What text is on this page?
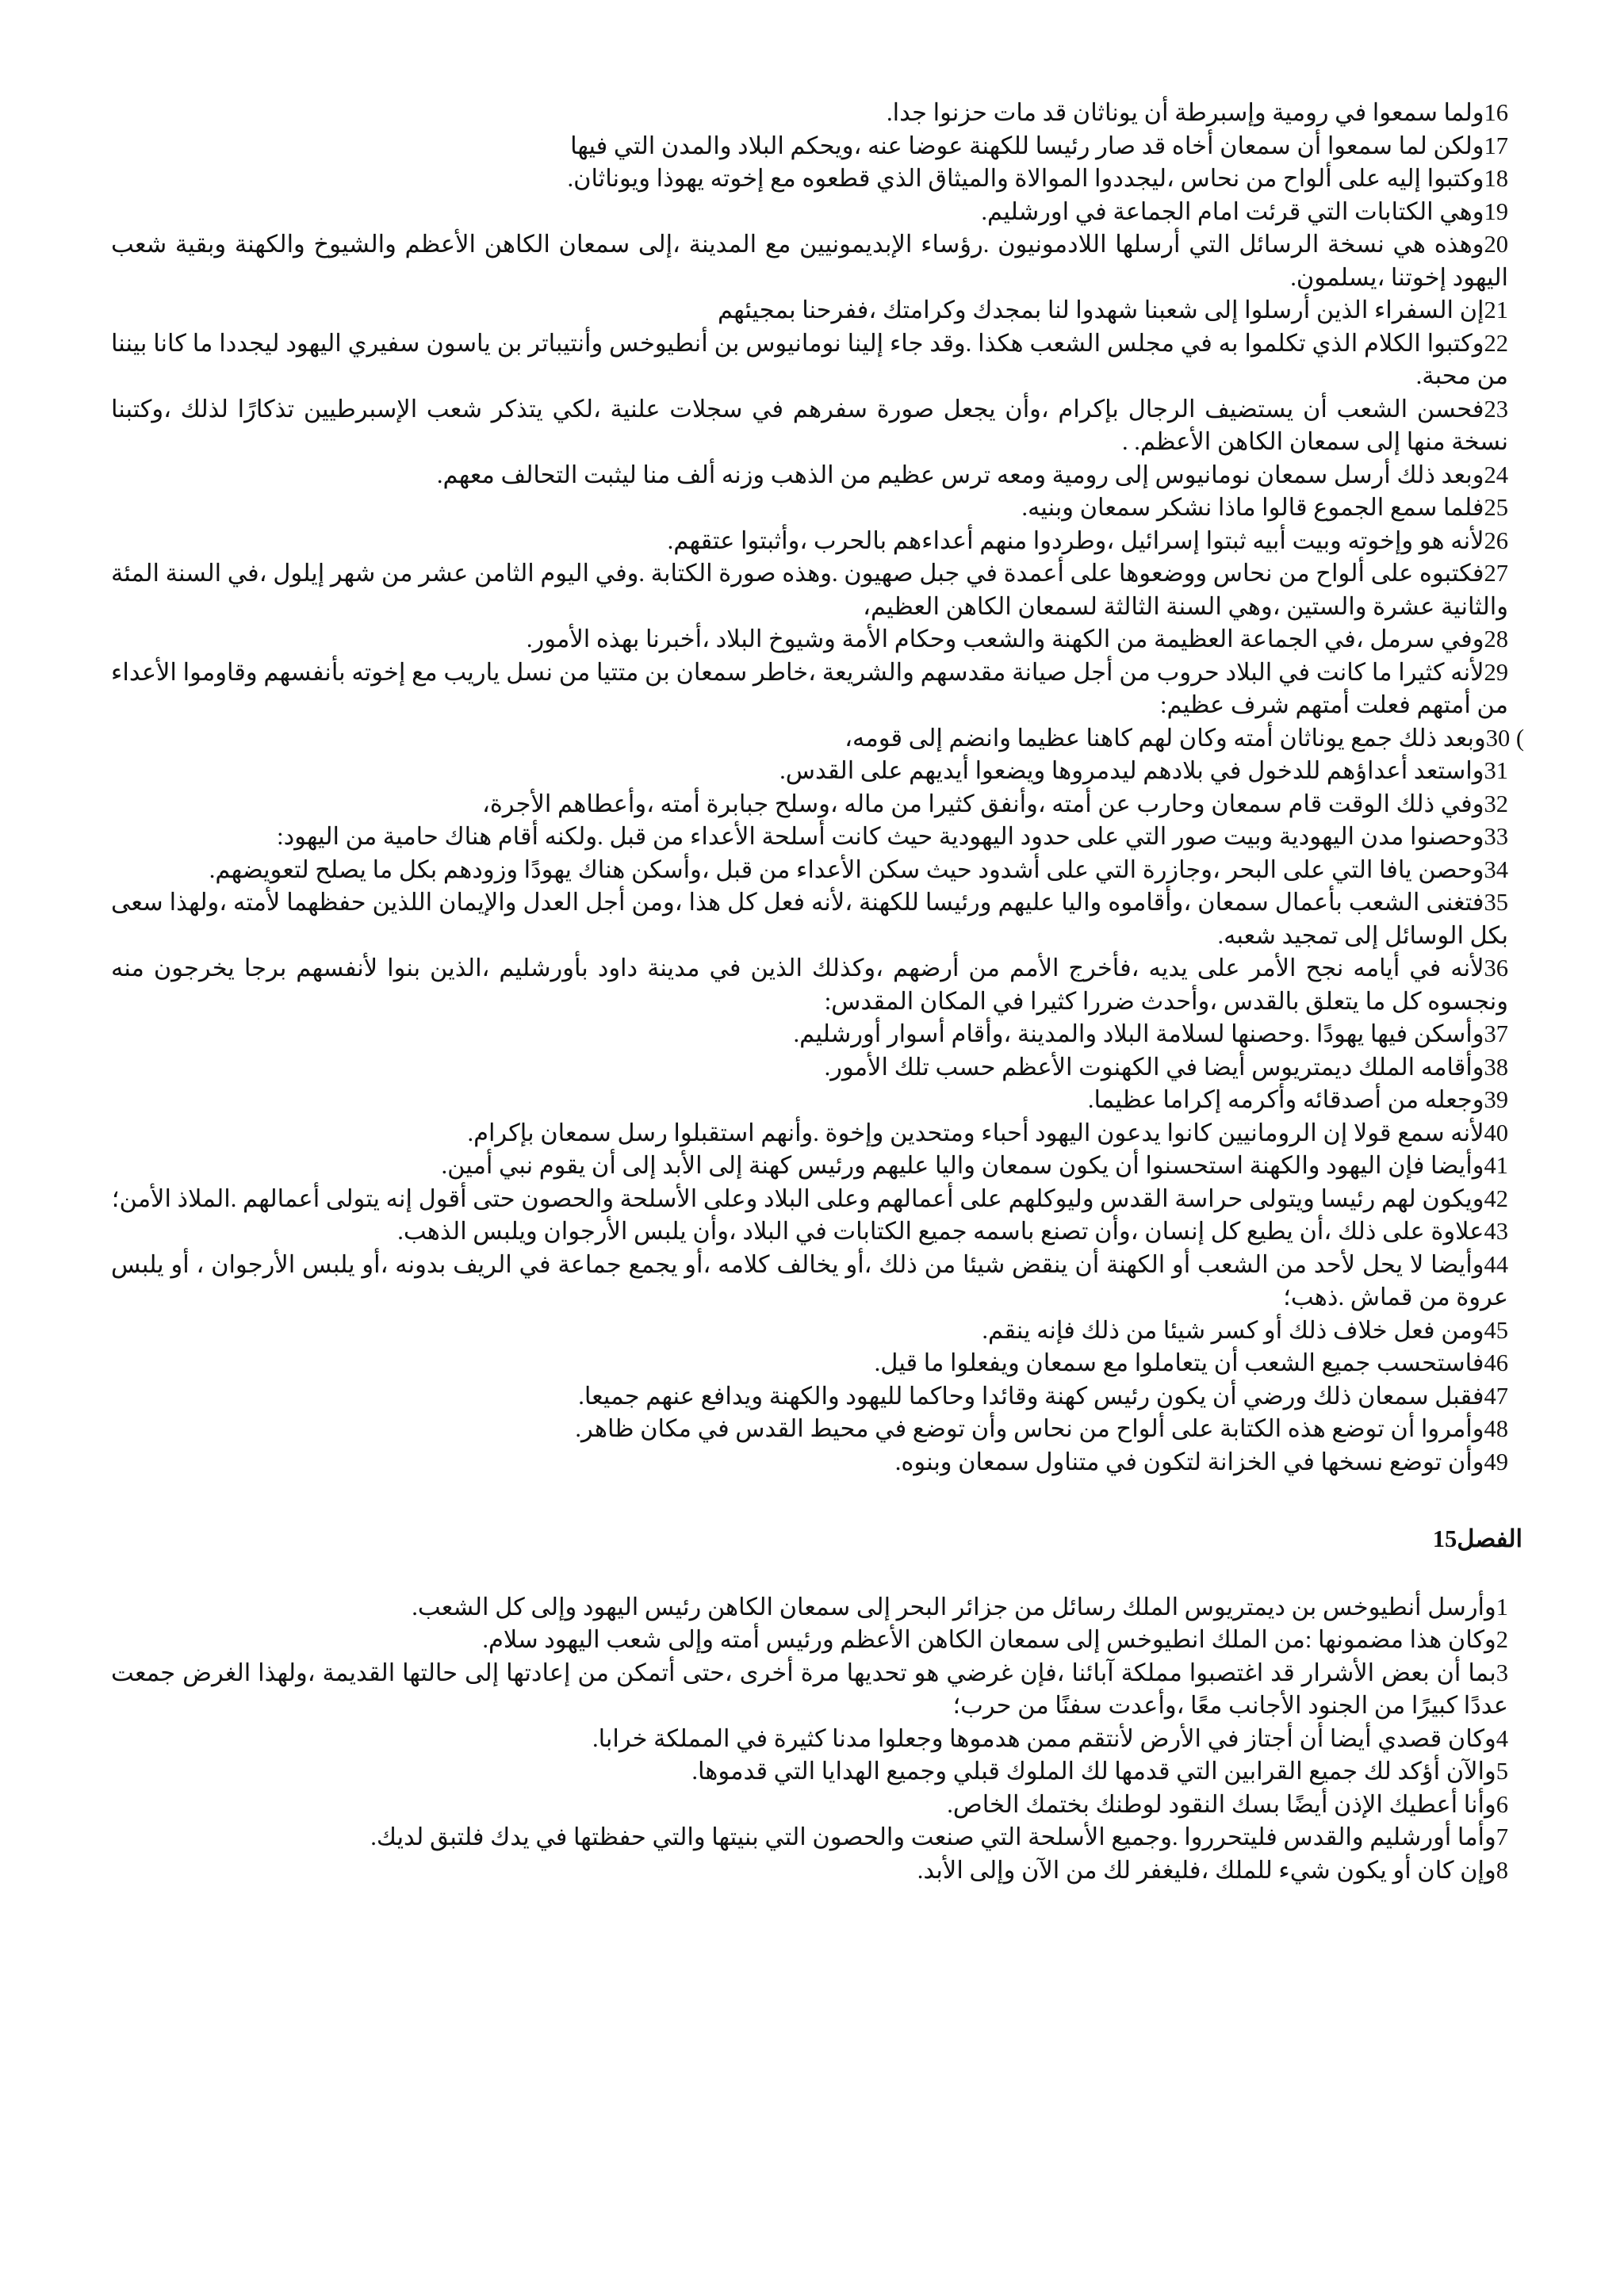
16ولما سمعوا في رومية وإسبرطة أن يوناثان قد مات حزنوا جدا.

17ولكن لما سمعوا أن سمعان أخاه قد صار رئيسا للكهنة عوضا عنه ،ويحكم البلاد والمدن التي فيها

18وكتبوا إليه على ألواح من نحاس ،ليجددوا الموالاة والميثاق الذي قطعوه مع إخوته يهوذا ويوناثان.

19وهي الكتابات التي قرئت امام الجماعة في اورشليم.

20وهذه هي نسخة الرسائل التي أرسلها اللادمونيون .رؤساء الإبديمونيين مع المدينة ،إلى سمعان الكاهن الأعظم والشيوخ والكهنة وبقية شعب اليهود إخوتنا ،يسلمون.

21إن السفراء الذين أرسلوا إلى شعبنا شهدوا لنا بمجدك وكرامتك ،ففرحنا بمجيئهم

22وكتبوا الكلام الذي تكلموا به في مجلس الشعب هكذا .وقد جاء إلينا نومانيوس بن أنطيوخس وأنتيباتر بن ياسون سفيري اليهود ليجددا ما كانا بيننا من محبة.

23فحسن الشعب أن يستضيف الرجال بإكرام ،وأن يجعل صورة سفرهم في سجلات علنية ،لكي يتذكر شعب الإسبرطيين تذكارًا لذلك ،وكتبنا نسخة منها إلى سمعان الكاهن الأعظم. .

24وبعد ذلك أرسل سمعان نومانيوس إلى رومية ومعه ترس عظيم من الذهب وزنه ألف منا ليثبت التحالف معهم.

25فلما سمع الجموع قالوا ماذا نشكر سمعان وبنيه.

26لأنه هو وإخوته وبيت أبيه ثبتوا إسرائيل ،وطردوا منهم أعداءهم بالحرب ،وأثبتوا عتقهم.

27فكتبوه على ألواح من نحاس ووضعوها على أعمدة في جبل صهيون .وهذه صورة الكتابة .وفي اليوم الثامن عشر من شهر إيلول ،في السنة المئة والثانية عشرة والستين ،وهي السنة الثالثة لسمعان الكاهن العظيم،

28وفي سرمل ،في الجماعة العظيمة من الكهنة والشعب وحكام الأمة وشيوخ البلاد ،أخبرنا بهذه الأمور.

29لأنه كثيرا ما كانت في البلاد حروب من أجل صيانة مقدسهم والشريعة ،خاطر سمعان بن متتيا من نسل ياريب مع إخوته بأنفسهم وقاوموا الأعداء من أمتهم فعلت أمتهم شرف عظيم:

) 30وبعد ذلك جمع يوناثان أمته وكان لهم كاهنا عظيما وانضم إلى قومه،

31واستعد أعداؤهم للدخول في بلادهم ليدمروها ويضعوا أيديهم على القدس.

32وفي ذلك الوقت قام سمعان وحارب عن أمته ،وأنفق كثيرا من ماله ،وسلح جبابرة أمته ،وأعطاهم الأجرة،

33وحصنوا مدن اليهودية وبيت صور التي على حدود اليهودية حيث كانت أسلحة الأعداء من قبل .ولكنه أقام هناك حامية من اليهود:

34وحصن يافا التي على البحر ،وجازرة التي على أشدود حيث سكن الأعداء من قبل ،وأسكن هناك يهودًا وزودهم بكل ما يصلح لتعويضهم.

35فتغنى الشعب بأعمال سمعان ،وأقاموه واليا عليهم ورئيسا للكهنة ،لأنه فعل كل هذا ،ومن أجل العدل والإيمان اللذين حفظهما لأمته ،ولهذا سعى بكل الوسائل إلى تمجيد شعبه.

36لأنه في أيامه نجح الأمر على يديه ،فأخرج الأمم من أرضهم ،وكذلك الذين في مدينة داود بأورشليم ،الذين بنوا لأنفسهم برجا يخرجون منه ونجسوه كل ما يتعلق بالقدس ،وأحدث ضررا كثيرا في المكان المقدس:

37وأسكن فيها يهودًا .وحصنها لسلامة البلاد والمدينة ،وأقام أسوار أورشليم.

38وأقامه الملك ديمتريوس أيضا في الكهنوت الأعظم حسب تلك الأمور.

39وجعله من أصدقائه وأكرمه إكراما عظيما.

40لأنه سمع قولا إن الرومانيين كانوا يدعون اليهود أحباء ومتحدين وإخوة .وأنهم استقبلوا رسل سمعان بإكرام.

41وأيضا فإن اليهود والكهنة استحسنوا أن يكون سمعان واليا عليهم ورئيس كهنة إلى الأبد إلى أن يقوم نبي أمين.

42ويكون لهم رئيسا ويتولى حراسة القدس وليوكلهم على أعمالهم وعلى البلاد وعلى الأسلحة والحصون حتى أقول إنه يتولى أعمالهم .الملاذ الأمن؛

43علاوة على ذلك ،أن يطيع كل إنسان ،وأن تصنع باسمه جميع الكتابات في البلاد ،وأن يلبس الأرجوان ويلبس الذهب.

44وأيضا لا يحل لأحد من الشعب أو الكهنة أن ينقض شيئا من ذلك ،أو يخالف كلامه ،أو يجمع جماعة في الريف بدونه ،أو يلبس الأرجوان ، أو يلبس عروة من قماش .ذهب؛

45ومن فعل خلاف ذلك أو كسر شيئا من ذلك فإنه ينقم.

46فاستحسب جميع الشعب أن يتعاملوا مع سمعان ويفعلوا ما قيل.

47فقبل سمعان ذلك ورضي أن يكون رئيس كهنة وقائدا وحاكما لليهود والكهنة ويدافع عنهم جميعا.

48وأمروا أن توضع هذه الكتابة على ألواح من نحاس وأن توضع في محيط القدس في مكان ظاهر.

49وأن توضع نسخها في الخزانة لتكون في متناول سمعان وبنوه.

الفصل15

1وأرسل أنطيوخس بن ديمتريوس الملك رسائل من جزائر البحر إلى سمعان الكاهن رئيس اليهود وإلى كل الشعب.

2وكان هذا مضمونها :من الملك انطيوخس إلى سمعان الكاهن الأعظم ورئيس أمته وإلى شعب اليهود سلام.

3بما أن بعض الأشرار قد اغتصبوا مملكة آبائنا ،فإن غرضي هو تحديها مرة أخرى ،حتى أتمكن من إعادتها إلى حالتها القديمة ،ولهذا الغرض جمعت عددًا كبيرًا من الجنود الأجانب معًا ،وأعدت سفنًا من حرب؛

4وكان قصدي أيضا أن أجتاز في الأرض لأنتقم ممن هدموها وجعلوا مدنا كثيرة في المملكة خرابا.

5والآن أؤكد لك جميع القرابين التي قدمها لك الملوك قبلي وجميع الهدايا التي قدموها.

6وأنا أعطيك الإذن أيضًا بسك النقود لوطنك بختمك الخاص.

7وأما أورشليم والقدس فليتحرروا .وجميع الأسلحة التي صنعت والحصون التي بنيتها والتي حفظتها في يدك فلتبق لديك.

8وإن كان أو يكون شيء للملك ،فليغفر لك من الآن وإلى الأبد.
